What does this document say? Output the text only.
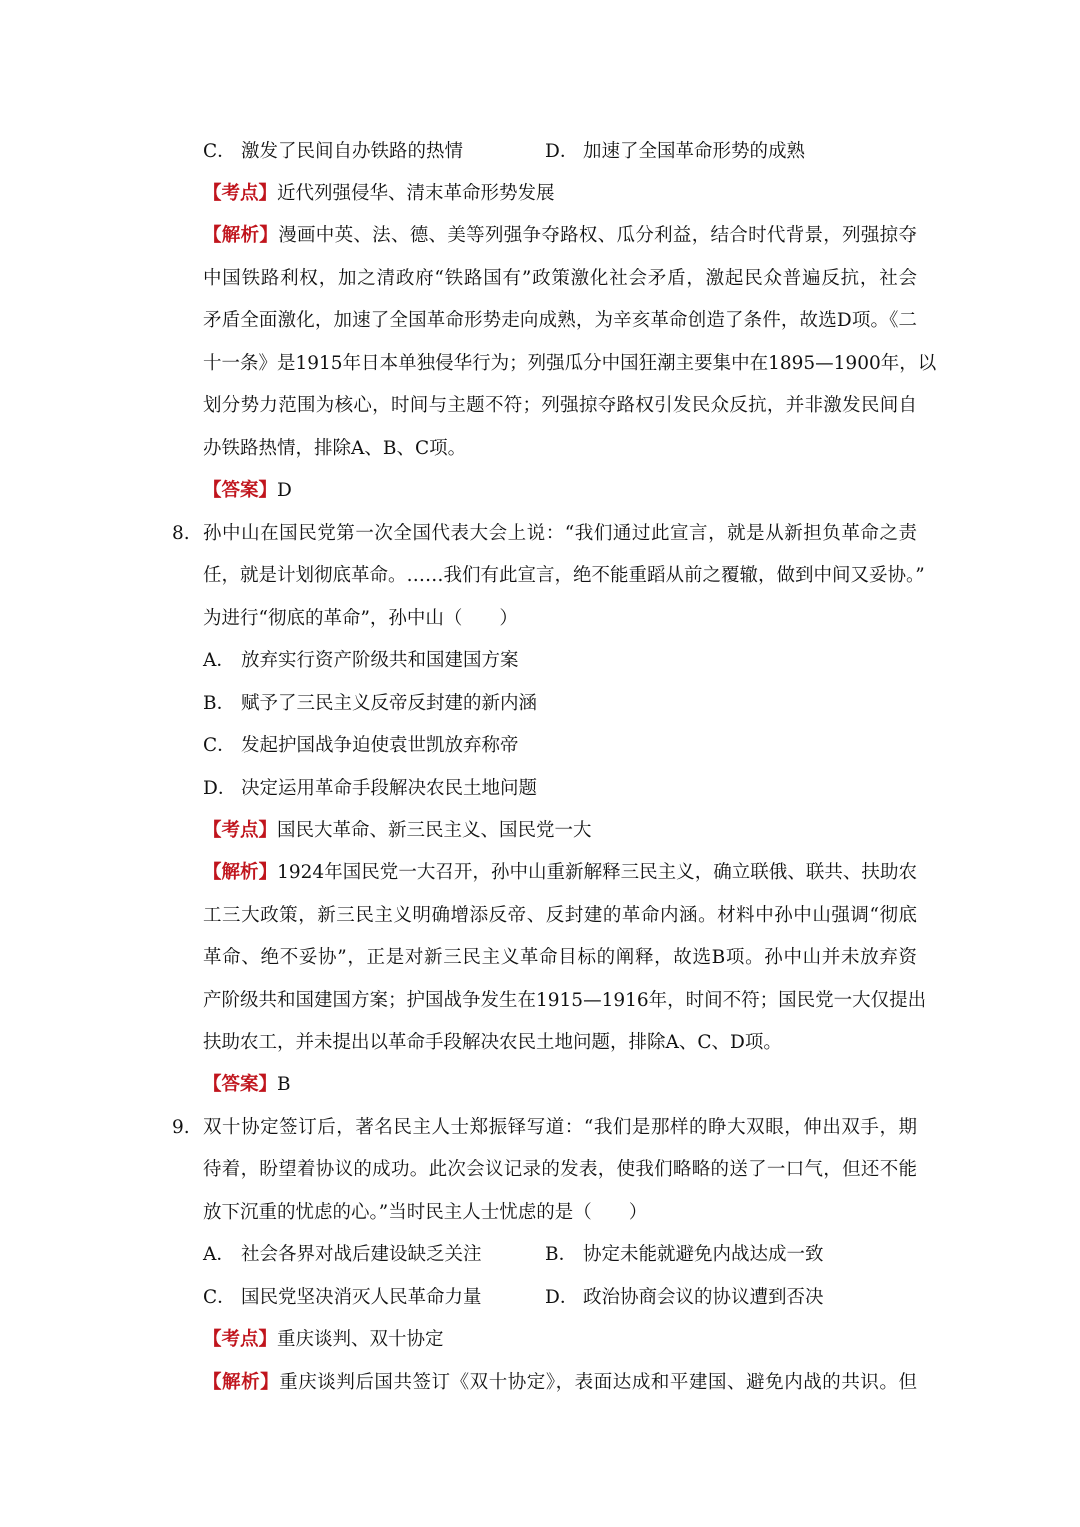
C． 激发了民间自办铁路的热情	D． 加速了全国革命形势的成熟
【考点】近代列强侵华、清末革命形势发展
【解析】漫画中英、法、德、美等列强争夺路权、瓜分利益，结合时代背景，列强掠夺
中国铁路利权，加之清政府“铁路国有”政策激化社会矛盾，激起民众普遍反抗，社会
矛盾全面激化，加速了全国革命形势走向成熟，为辛亥革命创造了条件，故选D项。《二
十一条》是1915年日本单独侵华行为；列强瓜分中国狂潮主要集中在1895—1900年，以
划分势力范围为核心，时间与主题不符；列强掠夺路权引发民众反抗，并非激发民间自
办铁路热情，排除A、B、C项。
【答案】D
8. 孙中山在国民党第一次全国代表大会上说：“我们通过此宣言，就是从新担负革命之责
任，就是计划彻底革命。……我们有此宣言，绝不能重蹈从前之覆辙，做到中间又妥协。”
为进行“彻底的革命”，孙中山（　　）
A． 放弃实行资产阶级共和国建国方案
B． 赋予了三民主义反帝反封建的新内涵
C． 发起护国战争迫使袁世凯放弃称帝
D． 决定运用革命手段解决农民土地问题
【考点】国民大革命、新三民主义、国民党一大
【解析】1924年国民党一大召开，孙中山重新解释三民主义，确立联俄、联共、扶助农
工三大政策，新三民主义明确增添反帝、反封建的革命内涵。材料中孙中山强调“彻底
革命、绝不妥协”，正是对新三民主义革命目标的阐释，故选B项。孙中山并未放弃资
产阶级共和国建国方案；护国战争发生在1915—1916年，时间不符；国民党一大仅提出
扶助农工，并未提出以革命手段解决农民土地问题，排除A、C、D项。
【答案】B
9. 双十协定签订后，著名民主人士郑振铎写道：“我们是那样的睁大双眼，伸出双手，期
待着，盼望着协议的成功。此次会议记录的发表，使我们略略的送了一口气，但还不能
放下沉重的忧虑的心。”当时民主人士忧虑的是（　　）
A． 社会各界对战后建设缺乏关注	B． 协定未能就避免内战达成一致
C． 国民党坚决消灭人民革命力量	D． 政治协商会议的协议遭到否决
【考点】重庆谈判、双十协定
【解析】重庆谈判后国共签订《双十协定》，表面达成和平建国、避免内战的共识。但
